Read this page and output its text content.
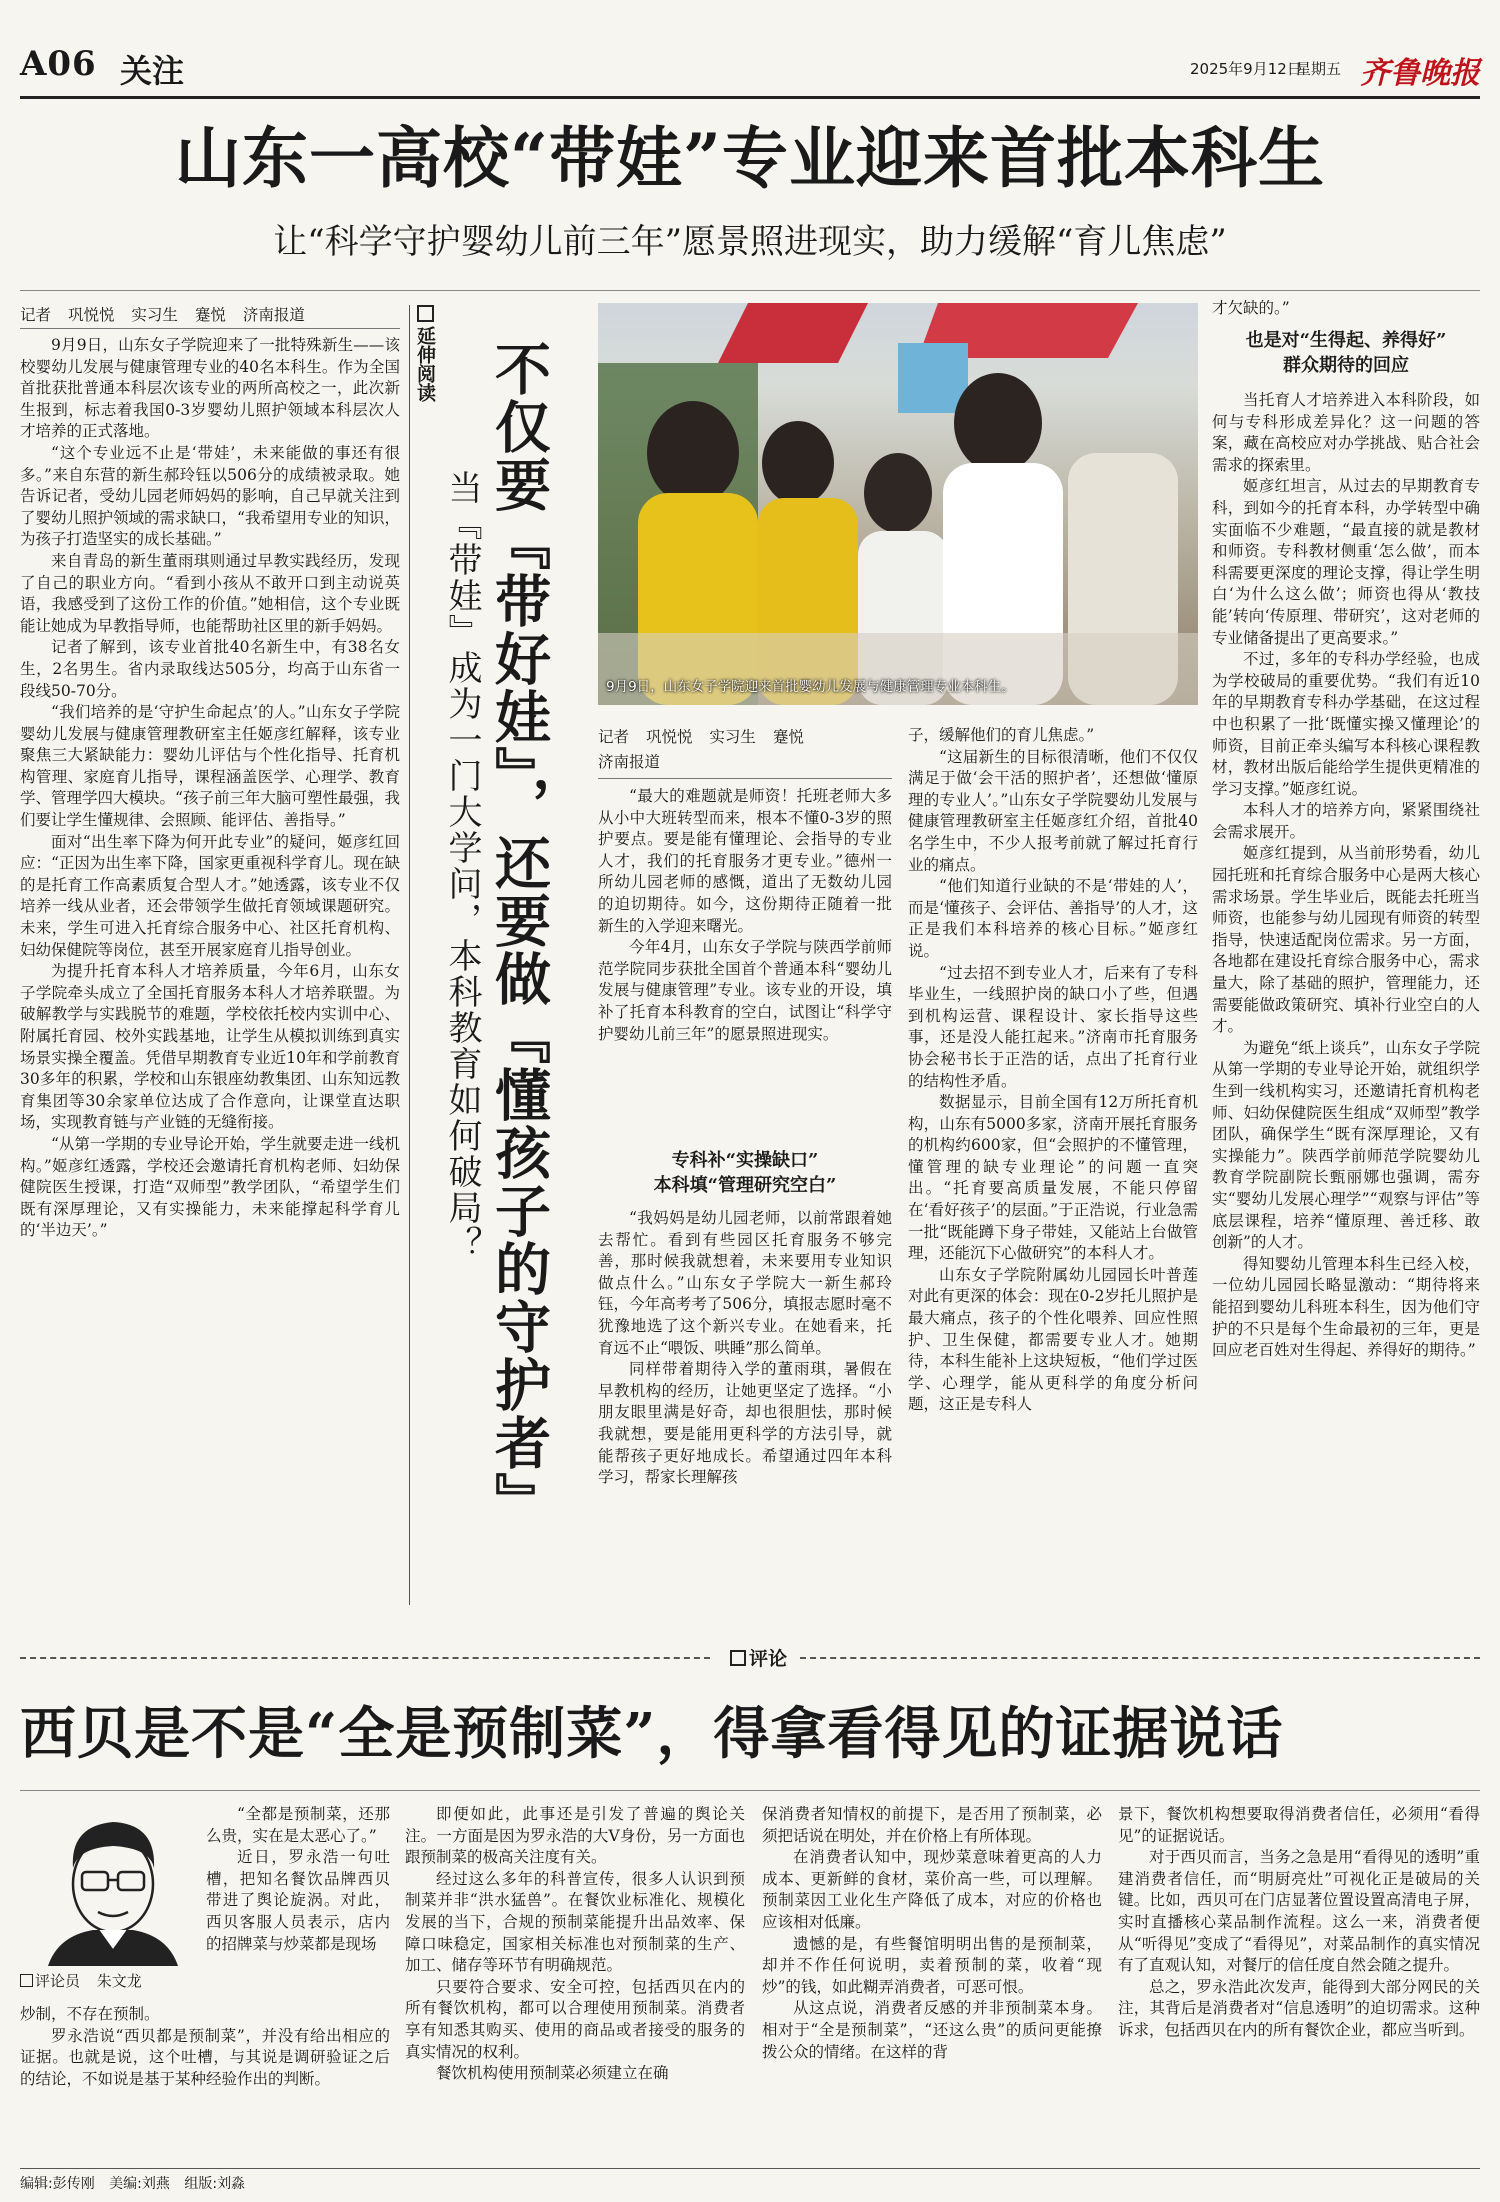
A06 关注	2025年9月12日
星期五 齐鲁晚报
山东一高校“带娃”专业迎来首批本科生
让“科学守护婴幼儿前三年”愿景照进现实，助力缓解“育儿焦虑”
记者 巩悦悦 实习生 蹇悦 济南报道

9月9日，山东女子学院迎来了一批特殊新生——该校婴幼儿发展与健康管理专业的40名本科生。作为全国首批获批普通本科层次该专业的两所高校之一，此次新生报到，标志着我国0-3岁婴幼儿照护领域本科层次人才培养的正式落地。

“这个专业远不止是‘带娃’，未来能做的事还有很多。”来自东营的新生郝玲钰以506分的成绩被录取。她告诉记者，受幼儿园老师妈妈的影响，自己早就关注到了婴幼儿照护领域的需求缺口，“我希望用专业的知识，为孩子打造坚实的成长基础。”

来自青岛的新生董雨琪则通过早教实践经历，发现了自己的职业方向。“看到小孩从不敢开口到主动说英语，我感受到了这份工作的价值。”她相信，这个专业既能让她成为早教指导师，也能帮助社区里的新手妈妈。

记者了解到，该专业首批40名新生中，有38名女生，2名男生。省内录取线达505分，均高于山东省一段线50-70分。

“我们培养的是‘守护生命起点’的人。”山东女子学院婴幼儿发展与健康管理教研室主任姬彦红解释，该专业聚焦三大紧缺能力：婴幼儿评估与个性化指导、托育机构管理、家庭育儿指导，课程涵盖医学、心理学、教育学、管理学四大模块。“孩子前三年大脑可塑性最强，我们要让学生懂规律、会照顾、能评估、善指导。”

面对“出生率下降为何开此专业”的疑问，姬彦红回应：“正因为出生率下降，国家更重视科学育儿。现在缺的是托育工作高素质复合型人才。”她透露，该专业不仅培养一线从业者，还会带领学生做托育领域课题研究。未来，学生可进入托育综合服务中心、社区托育机构、妇幼保健院等岗位，甚至开展家庭育儿指导创业。

为提升托育本科人才培养质量，今年6月，山东女子学院牵头成立了全国托育服务本科人才培养联盟。为破解教学与实践脱节的难题，学校依托校内实训中心、附属托育园、校外实践基地，让学生从模拟训练到真实场景实操全覆盖。凭借早期教育专业近10年和学前教育30多年的积累，学校和山东银座幼教集团、山东知远教育集团等30余家单位达成了合作意向，让课堂直达职场，实现教育链与产业链的无缝衔接。

“从第一学期的专业导论开始，学生就要走进一线机构。”姬彦红透露，学校还会邀请托育机构老师、妇幼保健院医生授课，打造“双师型”教学团队，“希望学生们既有深厚理论，又有实操能力，未来能撑起科学育儿的‘半边天’。”

延伸阅读 不仅要『带好娃』，还要做『懂孩子的守护者』
当『带娃』成为一门大学问，本科教育如何破局？	9月9日，山东女子学院迎来首批婴幼儿发展与健康管理专业本科生。
记者 巩悦悦 实习生 蹇悦
济南报道

“最大的难题就是师资！托班老师大多从小中大班转型而来，根本不懂0-3岁的照护要点。要是能有懂理论、会指导的专业人才，我们的托育服务才更专业。”德州一所幼儿园老师的感慨，道出了无数幼儿园的迫切期待。如今，这份期待正随着一批新生的入学迎来曙光。

今年4月，山东女子学院与陕西学前师范学院同步获批全国首个普通本科“婴幼儿发展与健康管理”专业。该专业的开设，填补了托育本科教育的空白，试图让“科学守护婴幼儿前三年”的愿景照进现实。

专科补“实操缺口”
本科填“管理研究空白”

“我妈妈是幼儿园老师，以前常跟着她去帮忙。看到有些园区托育服务不够完善，那时候我就想着，未来要用专业知识做点什么。”山东女子学院大一新生郝玲钰，今年高考考了506分，填报志愿时毫不犹豫地选了这个新兴专业。在她看来，托育远不止“喂饭、哄睡”那么简单。

同样带着期待入学的董雨琪，暑假在早教机构的经历，让她更坚定了选择。“小朋友眼里满是好奇，却也很胆怯，那时候我就想，要是能用更科学的方法引导，就能帮孩子更好地成长。希望通过四年本科学习，帮家长理解孩

子，缓解他们的育儿焦虑。”

“这届新生的目标很清晰，他们不仅仅满足于做‘会干活的照护者’，还想做‘懂原理的专业人’。”山东女子学院婴幼儿发展与健康管理教研室主任姬彦红介绍，首批40名学生中，不少人报考前就了解过托育行业的痛点。

“他们知道行业缺的不是‘带娃的人’，而是‘懂孩子、会评估、善指导’的人才，这正是我们本科培养的核心目标。”姬彦红说。

“过去招不到专业人才，后来有了专科毕业生，一线照护岗的缺口小了些，但遇到机构运营、课程设计、家长指导这些事，还是没人能扛起来。”济南市托育服务协会秘书长于正浩的话，点出了托育行业的结构性矛盾。

数据显示，目前全国有12万所托育机构，山东有5000多家，济南开展托育服务的机构约600家，但“会照护的不懂管理，懂管理的缺专业理论”的问题一直突出。“托育要高质量发展，不能只停留在‘看好孩子’的层面。”于正浩说，行业急需一批“既能蹲下身子带娃，又能站上台做管理，还能沉下心做研究”的本科人才。

山东女子学院附属幼儿园园长叶普莲对此有更深的体会：现在0-2岁托儿照护是最大痛点，孩子的个性化喂养、回应性照护、卫生保健，都需要专业人才。她期待，本科生能补上这块短板，“他们学过医学、心理学，能从更科学的角度分析问题，这正是专科人

才欠缺的。”

也是对“生得起、养得好”
群众期待的回应

当托育人才培养进入本科阶段，如何与专科形成差异化？这一问题的答案，藏在高校应对办学挑战、贴合社会需求的探索里。

姬彦红坦言，从过去的早期教育专科，到如今的托育本科，办学转型中确实面临不少难题，“最直接的就是教材和师资。专科教材侧重‘怎么做’，而本科需要更深度的理论支撑，得让学生明白‘为什么这么做’；师资也得从‘教技能’转向‘传原理、带研究’，这对老师的专业储备提出了更高要求。”

不过，多年的专科办学经验，也成为学校破局的重要优势。“我们有近10年的早期教育专科办学基础，在这过程中也积累了一批‘既懂实操又懂理论’的师资，目前正牵头编写本科核心课程教材，教材出版后能给学生提供更精准的学习支撑。”姬彦红说。

本科人才的培养方向，紧紧围绕社会需求展开。

姬彦红提到，从当前形势看，幼儿园托班和托育综合服务中心是两大核心需求场景。学生毕业后，既能去托班当师资，也能参与幼儿园现有师资的转型指导，快速适配岗位需求。另一方面，各地都在建设托育综合服务中心，需求量大，除了基础的照护，管理能力，还需要能做政策研究、填补行业空白的人才。

为避免“纸上谈兵”，山东女子学院从第一学期的专业导论开始，就组织学生到一线机构实习，还邀请托育机构老师、妇幼保健院医生组成“双师型”教学团队，确保学生“既有深厚理论，又有实操能力”。陕西学前师范学院婴幼儿教育学院副院长甄丽娜也强调，需夯实“婴幼儿发展心理学”“观察与评估”等底层课程，培养“懂原理、善迁移、敢创新”的人才。

得知婴幼儿管理本科生已经入校，一位幼儿园园长略显激动：“期待将来能招到婴幼儿科班本科生，因为他们守护的不只是每个生命最初的三年，更是回应老百姓对生得起、养得好的期待。”

评论
西贝是不是“全是预制菜”，得拿看得见的证据说话
评论员 朱文龙

“全都是预制菜，还那么贵，实在是太恶心了。”

近日，罗永浩一句吐槽，把知名餐饮品牌西贝带进了舆论旋涡。对此，西贝客服人员表示，店内的招牌菜与炒菜都是现场

炒制，不存在预制。

罗永浩说“西贝都是预制菜”，并没有给出相应的证据。也就是说，这个吐槽，与其说是调研验证之后的结论，不如说是基于某种经验作出的判断。

即便如此，此事还是引发了普遍的舆论关注。一方面是因为罗永浩的大V身份，另一方面也跟预制菜的极高关注度有关。

经过这么多年的科普宣传，很多人认识到预制菜并非“洪水猛兽”。在餐饮业标准化、规模化发展的当下，合规的预制菜能提升出品效率、保障口味稳定，国家相关标准也对预制菜的生产、加工、储存等环节有明确规范。

只要符合要求、安全可控，包括西贝在内的所有餐饮机构，都可以合理使用预制菜。消费者享有知悉其购买、使用的商品或者接受的服务的真实情况的权利。

餐饮机构使用预制菜必须建立在确

保消费者知情权的前提下，是否用了预制菜，必须把话说在明处，并在价格上有所体现。

在消费者认知中，现炒菜意味着更高的人力成本、更新鲜的食材，菜价高一些，可以理解。预制菜因工业化生产降低了成本，对应的价格也应该相对低廉。

遗憾的是，有些餐馆明明出售的是预制菜，却并不作任何说明，卖着预制的菜，收着“现炒”的钱，如此糊弄消费者，可恶可恨。

从这点说，消费者反感的并非预制菜本身。相对于“全是预制菜”，“还这么贵”的质问更能撩拨公众的情绪。在这样的背

景下，餐饮机构想要取得消费者信任，必须用“看得见”的证据说话。

对于西贝而言，当务之急是用“看得见的透明”重建消费者信任，而“明厨亮灶”可视化正是破局的关键。比如，西贝可在门店显著位置设置高清电子屏，实时直播核心菜品制作流程。这么一来，消费者便从“听得见”变成了“看得见”，对菜品制作的真实情况有了直观认知，对餐厅的信任度自然会随之提升。

总之，罗永浩此次发声，能得到大部分网民的关注，其背后是消费者对“信息透明”的迫切需求。这种诉求，包括西贝在内的所有餐饮企业，都应当听到。

编辑:彭传刚 美编:刘燕 组版:刘淼
